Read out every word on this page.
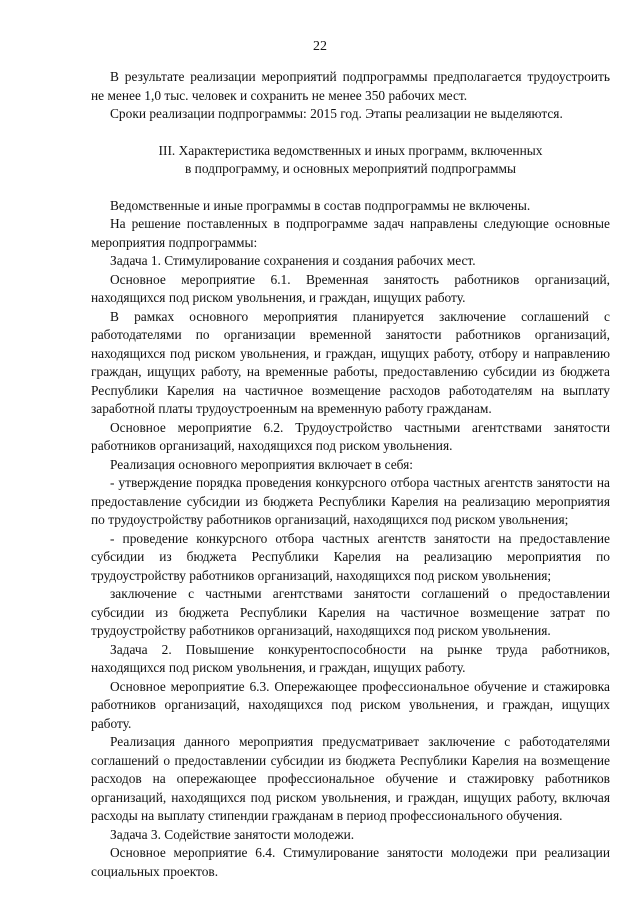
22

В результате реализации мероприятий подпрограммы предполагается трудоустроить не менее 1,0 тыс. человек и сохранить не менее 350 рабочих мест.

Сроки реализации подпрограммы: 2015 год. Этапы реализации не выделяются.

III. Характеристика ведомственных и иных программ, включенных
в подпрограмму, и основных мероприятий подпрограммы

Ведомственные и иные программы в состав подпрограммы не включены.

На решение поставленных в подпрограмме задач направлены следующие основные мероприятия подпрограммы:

Задача 1. Стимулирование сохранения и создания рабочих мест.

Основное мероприятие 6.1. Временная занятость работников организаций, находящихся под риском увольнения, и граждан, ищущих работу.

В рамках основного мероприятия планируется заключение соглашений с работодателями по организации временной занятости работников организаций, находящихся под риском увольнения, и граждан, ищущих работу, отбору и направлению граждан, ищущих работу, на временные работы, предоставлению субсидии из бюджета Республики Карелия на частичное возмещение расходов работодателям на выплату заработной платы трудоустроенным на временную работу гражданам.

Основное мероприятие 6.2. Трудоустройство частными агентствами занятости работников организаций, находящихся под риском увольнения.

Реализация основного мероприятия включает в себя:

- утверждение порядка проведения конкурсного отбора частных агентств занятости на предоставление субсидии из бюджета Республики Карелия на реализацию мероприятия по трудоустройству работников организаций, находящихся под риском увольнения;

- проведение конкурсного отбора частных агентств занятости на предоставление субсидии из бюджета Республики Карелия на реализацию мероприятия по трудоустройству работников организаций, находящихся под риском увольнения;

заключение с частными агентствами занятости соглашений о предоставлении субсидии из бюджета Республики Карелия на частичное возмещение затрат по трудоустройству работников организаций, находящихся под риском увольнения.

Задача 2. Повышение конкурентоспособности на рынке труда работников, находящихся под риском увольнения, и граждан, ищущих работу.

Основное мероприятие 6.3. Опережающее профессиональное обучение и стажировка работников организаций, находящихся под риском увольнения, и граждан, ищущих работу.

Реализация данного мероприятия предусматривает заключение с работодателями соглашений о предоставлении субсидии из бюджета Республики Карелия на возмещение расходов на опережающее профессиональное обучение и стажировку работников организаций, находящихся под риском увольнения, и граждан, ищущих работу, включая расходы на выплату стипендии гражданам в период профессионального обучения.

Задача 3. Содействие занятости молодежи.

Основное мероприятие 6.4. Стимулирование занятости молодежи при реализации социальных проектов.
